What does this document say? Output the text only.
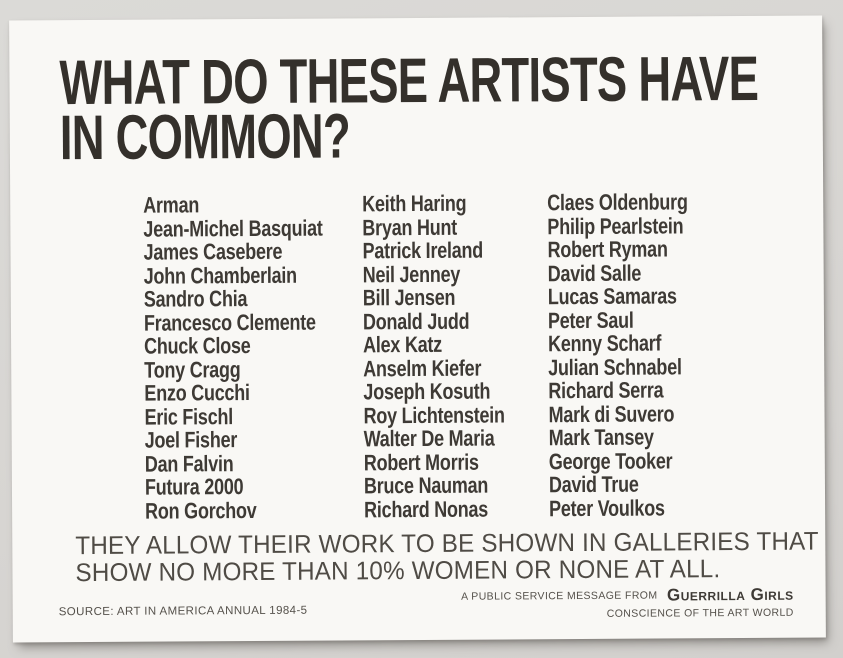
WHAT DO THESE ARTISTS HAVE
IN COMMON?
Arman
Jean-Michel Basquiat
James Casebere
John Chamberlain
Sandro Chia
Francesco Clemente
Chuck Close
Tony Cragg
Enzo Cucchi
Eric Fischl
Joel Fisher
Dan Falvin
Futura 2000
Ron Gorchov
Keith Haring
Bryan Hunt
Patrick Ireland
Neil Jenney
Bill Jensen
Donald Judd
Alex Katz
Anselm Kiefer
Joseph Kosuth
Roy Lichtenstein
Walter De Maria
Robert Morris
Bruce Nauman
Richard Nonas
Claes Oldenburg
Philip Pearlstein
Robert Ryman
David Salle
Lucas Samaras
Peter Saul
Kenny Scharf
Julian Schnabel
Richard Serra
Mark di Suvero
Mark Tansey
George Tooker
David True
Peter Voulkos
THEY ALLOW THEIR WORK TO BE SHOWN IN GALLERIES THAT
SHOW NO MORE THAN 10% WOMEN OR NONE AT ALL.
SOURCE: ART IN AMERICA ANNUAL 1984-5
A PUBLIC SERVICE MESSAGE FROM Guerrilla Girls
CONSCIENCE OF THE ART WORLD
